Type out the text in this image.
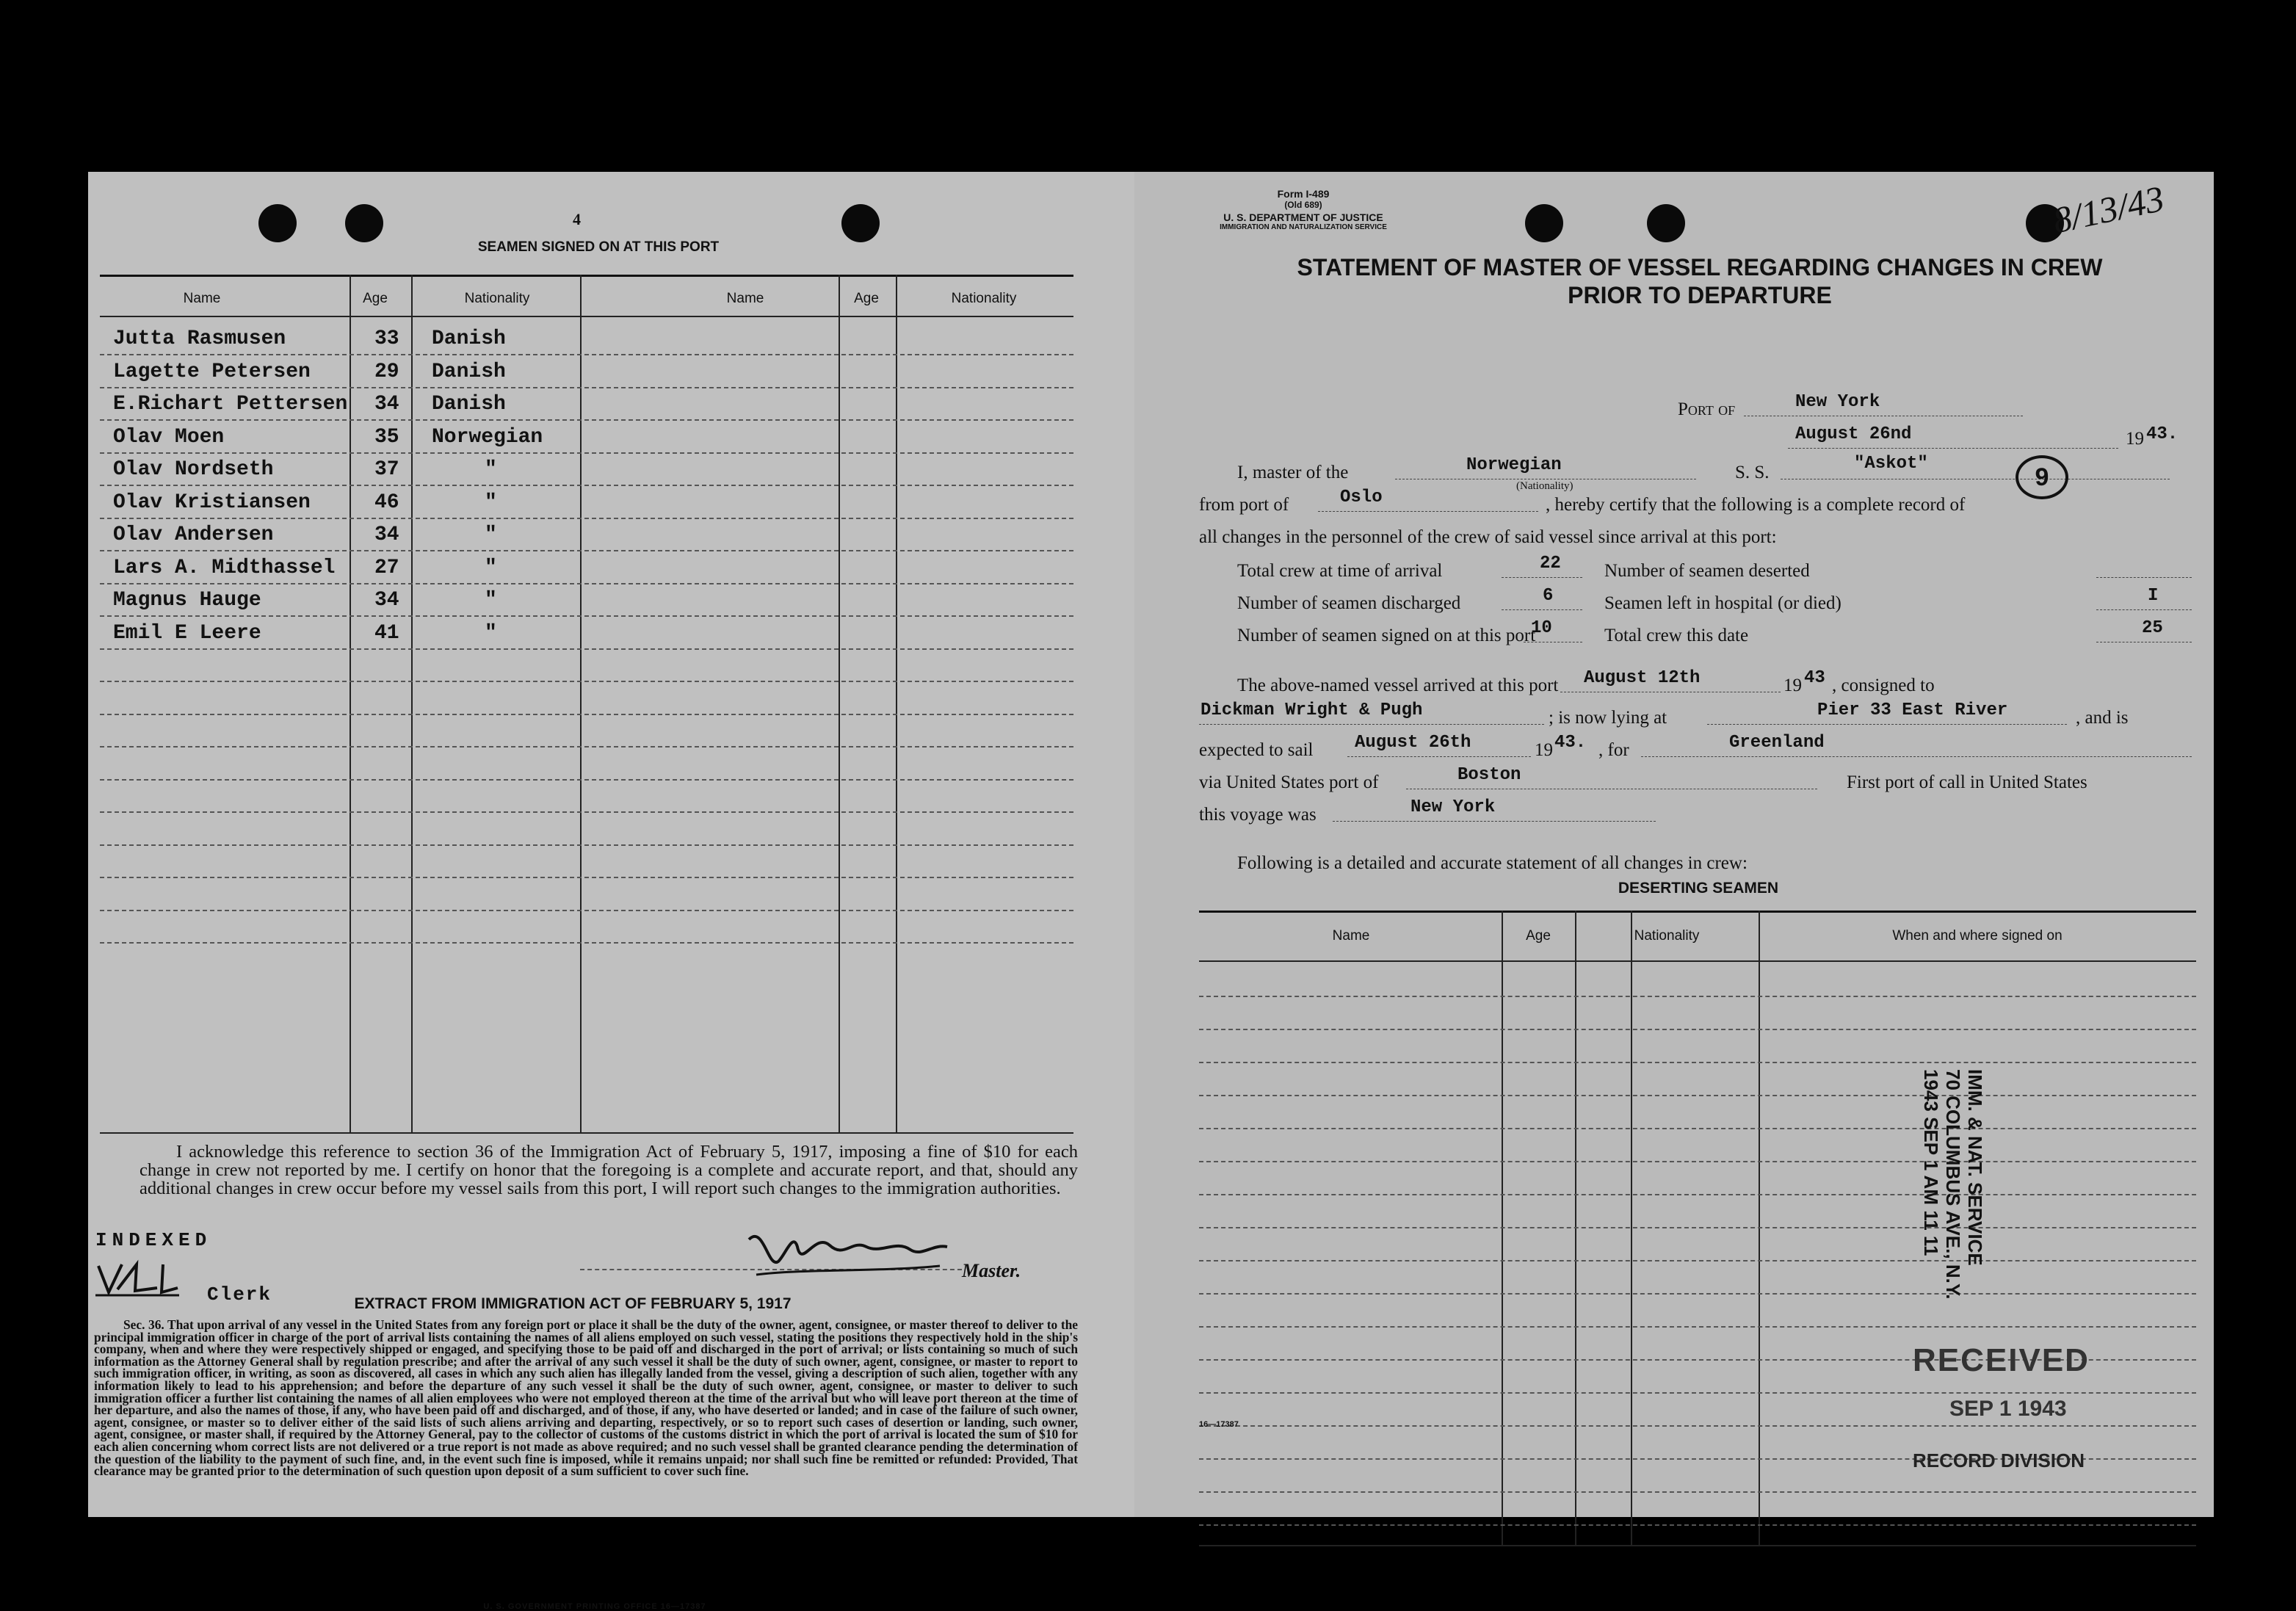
4
SEAMEN SIGNED ON AT THIS PORT
Name	Age	Nationality	Name	Age	Nationality
Jutta Rasmusen	33 Danish
Lagette Petersen	29 Danish
E.Richart Pettersen 34 Danish
Olav Moen	35 Norwegian
Olav Nordseth	37	"
Olav Kristiansen	46	"
Olav Andersen	34	"
Lars A. Midthassel 27	"
Magnus Hauge	34	"
Emil E Leere	41	"
I acknowledge this reference to section 36 of the Immigration Act of February 5, 1917, imposing a fine of $10 for each change in crew not reported by me. I certify on honor that the foregoing is a complete and accurate report, and that, should any additional changes in crew occur before my vessel sails from this port, I will report such changes to the immigration authorities.
INDEXED
Clerk
Master.
EXTRACT FROM IMMIGRATION ACT OF FEBRUARY 5, 1917
Sec. 36. That upon arrival of any vessel in the United States from any foreign port or place it shall be the duty of the owner, agent, consignee, or master thereof to deliver to the principal immigration officer in charge of the port of arrival lists containing the names of all aliens employed on such vessel, stating the positions they respectively hold in the ship's company, when and where they were respectively shipped or engaged, and specifying those to be paid off and discharged in the port of arrival; or lists containing so much of such information as the Attorney General shall by regulation prescribe; and after the arrival of any such vessel it shall be the duty of such owner, agent, consignee, or master to report to such immigration officer, in writing, as soon as discovered, all cases in which any such alien has illegally landed from the vessel, giving a description of such alien, together with any information likely to lead to his apprehension; and before the departure of any such vessel it shall be the duty of such owner, agent, consignee, or master to deliver to such immigration officer a further list containing the names of all alien employees who were not employed thereon at the time of the arrival but who will leave port thereon at the time of her departure, and also the names of those, if any, who have been paid off and discharged, and of those, if any, who have deserted or landed; and in case of the failure of such owner, agent, consignee, or master so to deliver either of the said lists of such aliens arriving and departing, respectively, or so to report such cases of desertion or landing, such owner, agent, consignee, or master shall, if required by the Attorney General, pay to the collector of customs of the customs district in which the port of arrival is located the sum of $10 for each alien concerning whom correct lists are not delivered or a true report is not made as above required; and no such vessel shall be granted clearance pending the determination of the question of the liability to the payment of such fine, and, in the event such fine is imposed, while it remains unpaid; nor shall such fine be remitted or refunded: Provided, That clearance may be granted prior to the determination of such question upon deposit of a sum sufficient to cover such fine.
U. S. GOVERNMENT PRINTING OFFICE 16—17387
Form I-489
(Old 689)
U. S. DEPARTMENT OF JUSTICE
IMMIGRATION AND NATURALIZATION SERVICE	8/13/43
STATEMENT OF MASTER OF VESSEL REGARDING CHANGES IN CREW
PRIOR TO DEPARTURE
Port of	New York
August 26nd	19 43.
I, master of the	Norwegian
(Nationality)
S. S.	"Askot"	9
from port of	Oslo	, hereby certify that the following is a complete record of
all changes in the personnel of the crew of said vessel since arrival at this port:
Total crew at time of arrival	22 Number of seamen deserted
Number of seamen discharged	6	Seamen left in hospital (or died)	I
Number of seamen signed on at this port
10	Total crew this date	25
The above-named vessel arrived at this port August 12th	19 43 , consigned to
Dickman Wright & Pugh	; is now lying at	Pier 33 East River	, and is
expected to sail August 26th	19 43. , for	Greenland
via United States port of	Boston	First port of call in United States
this voyage was	New York
Following is a detailed and accurate statement of all changes in crew:
DESERTING SEAMEN
Name	Age	Nationality	When and where signed on
IMM. & NAT. SERVICE
70 COLUMBUS AVE., N.Y.
1943 SEP 1 AM 11 11
RECEIVED
SEP 1 1943
RECORD DIVISION
16—17387
